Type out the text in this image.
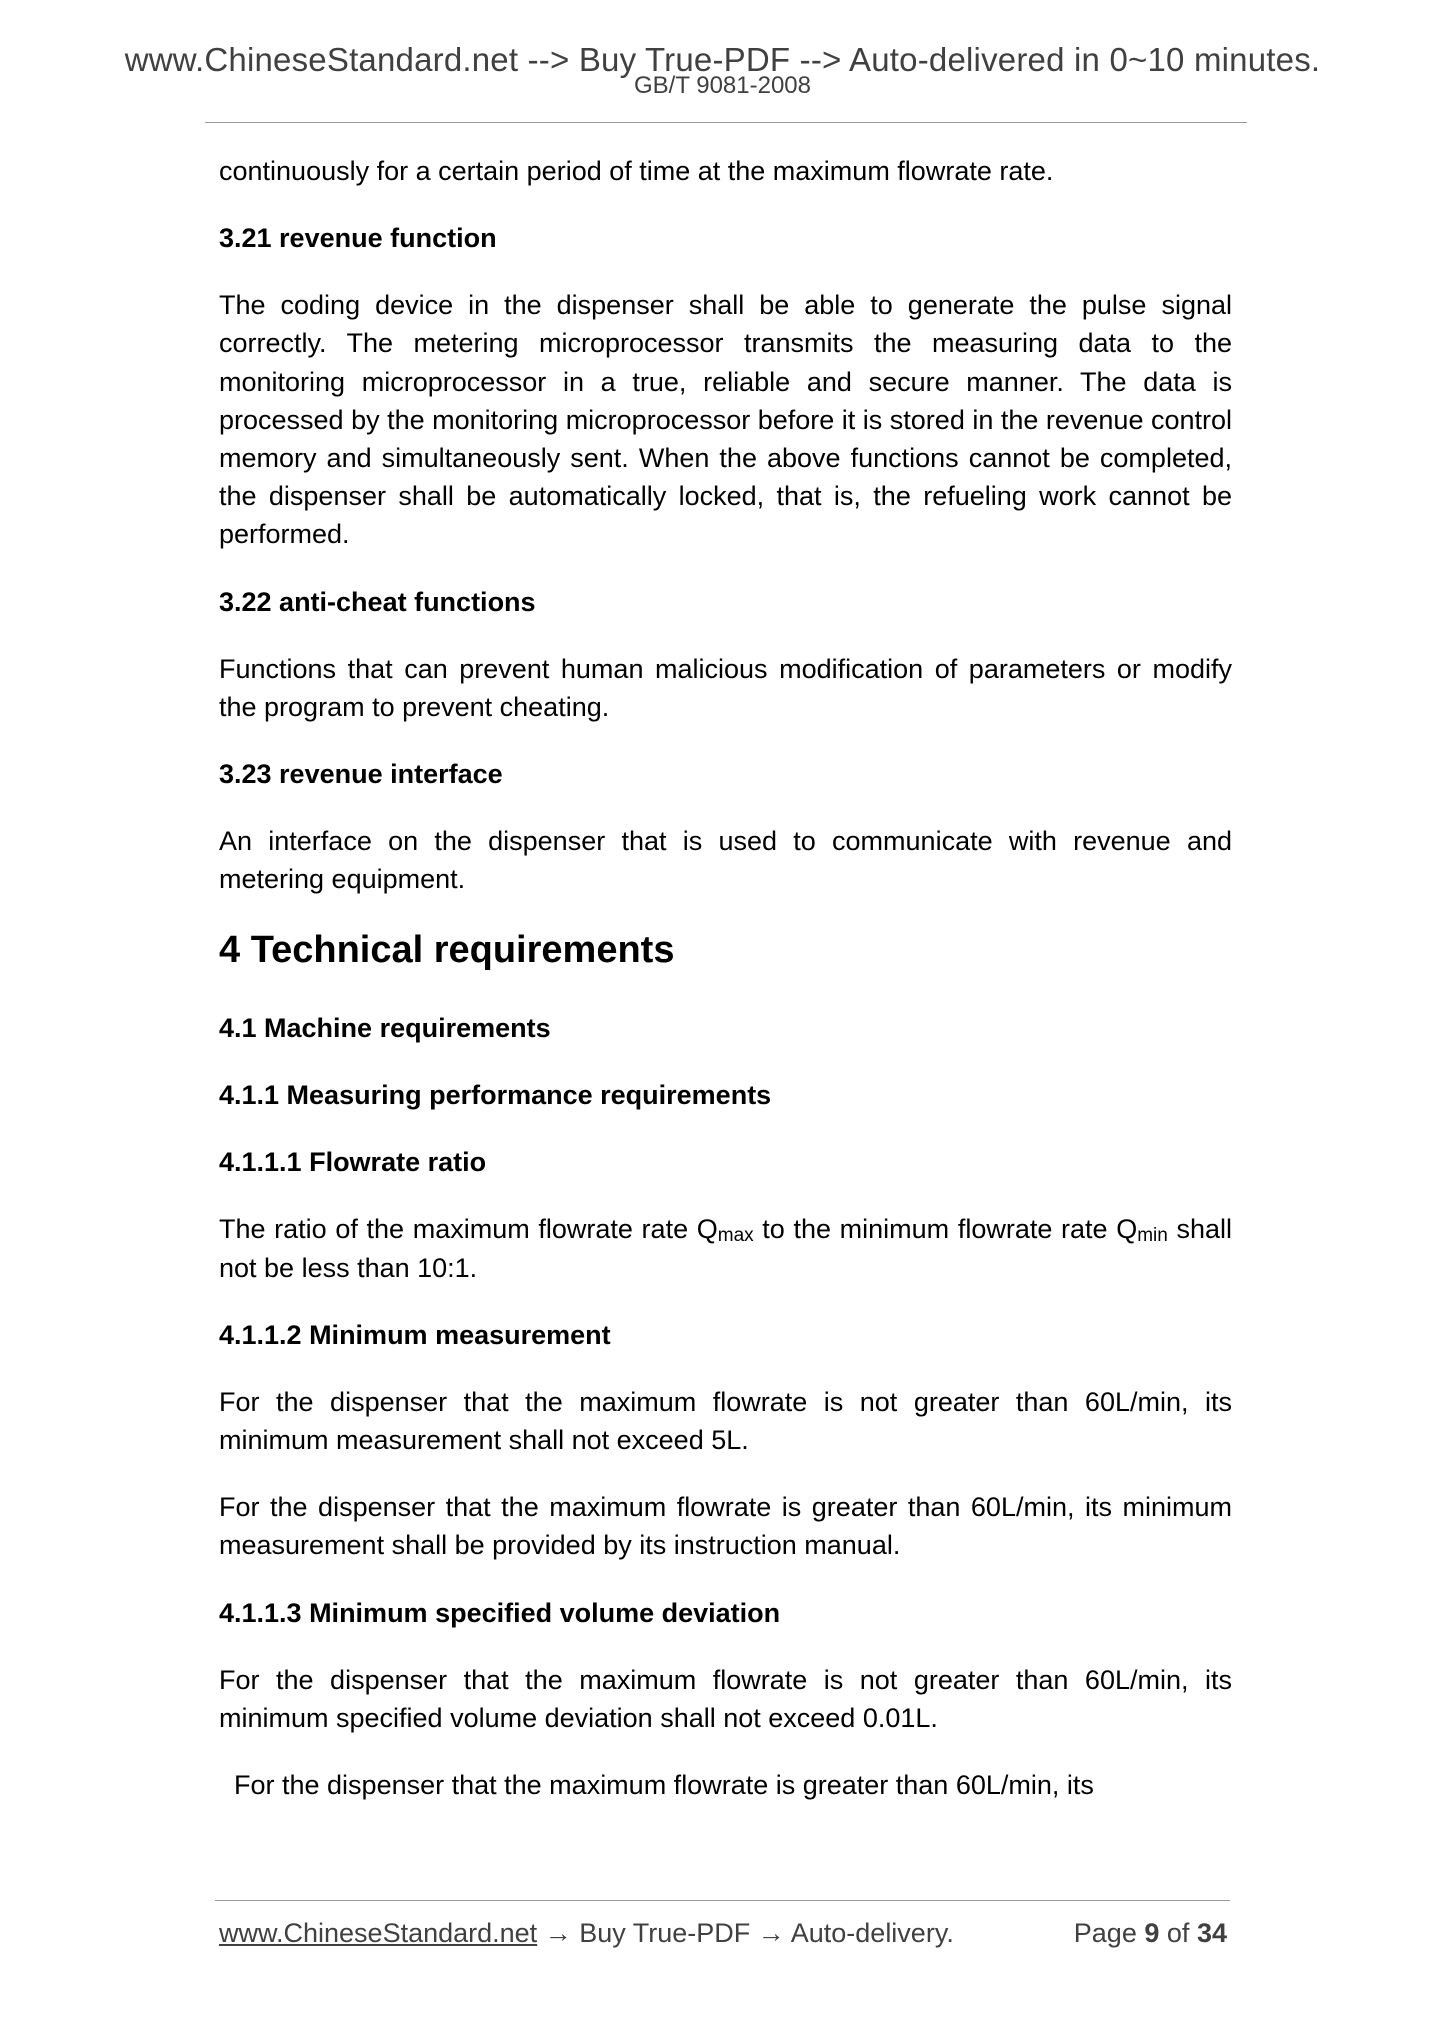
www.ChineseStandard.net --> Buy True-PDF --> Auto-delivered in 0~10 minutes.
GB/T 9081-2008

continuously for a certain period of time at the maximum flowrate rate.

3.21 revenue function

The coding device in the dispenser shall be able to generate the pulse signal correctly. The metering microprocessor transmits the measuring data to the monitoring microprocessor in a true, reliable and secure manner. The data is processed by the monitoring microprocessor before it is stored in the revenue control memory and simultaneously sent. When the above functions cannot be completed, the dispenser shall be automatically locked, that is, the refueling work cannot be performed.

3.22 anti-cheat functions

Functions that can prevent human malicious modification of parameters or modify the program to prevent cheating.

3.23 revenue interface

An interface on the dispenser that is used to communicate with revenue and metering equipment.

4 Technical requirements
4.1 Machine requirements
4.1.1 Measuring performance requirements
4.1.1.1 Flowrate ratio

The ratio of the maximum flowrate rate Qmax to the minimum flowrate rate Qmin shall not be less than 10:1.

4.1.1.2 Minimum measurement

For the dispenser that the maximum flowrate is not greater than 60L/min, its minimum measurement shall not exceed 5L.

For the dispenser that the maximum flowrate is greater than 60L/min, its minimum measurement shall be provided by its instruction manual.

4.1.1.3 Minimum specified volume deviation

For the dispenser that the maximum flowrate is not greater than 60L/min, its minimum specified volume deviation shall not exceed 0.01L.

For the dispenser that the maximum flowrate is greater than 60L/min, its

www.ChineseStandard.net → Buy True-PDF → Auto-delivery.	Page 9 of 34
